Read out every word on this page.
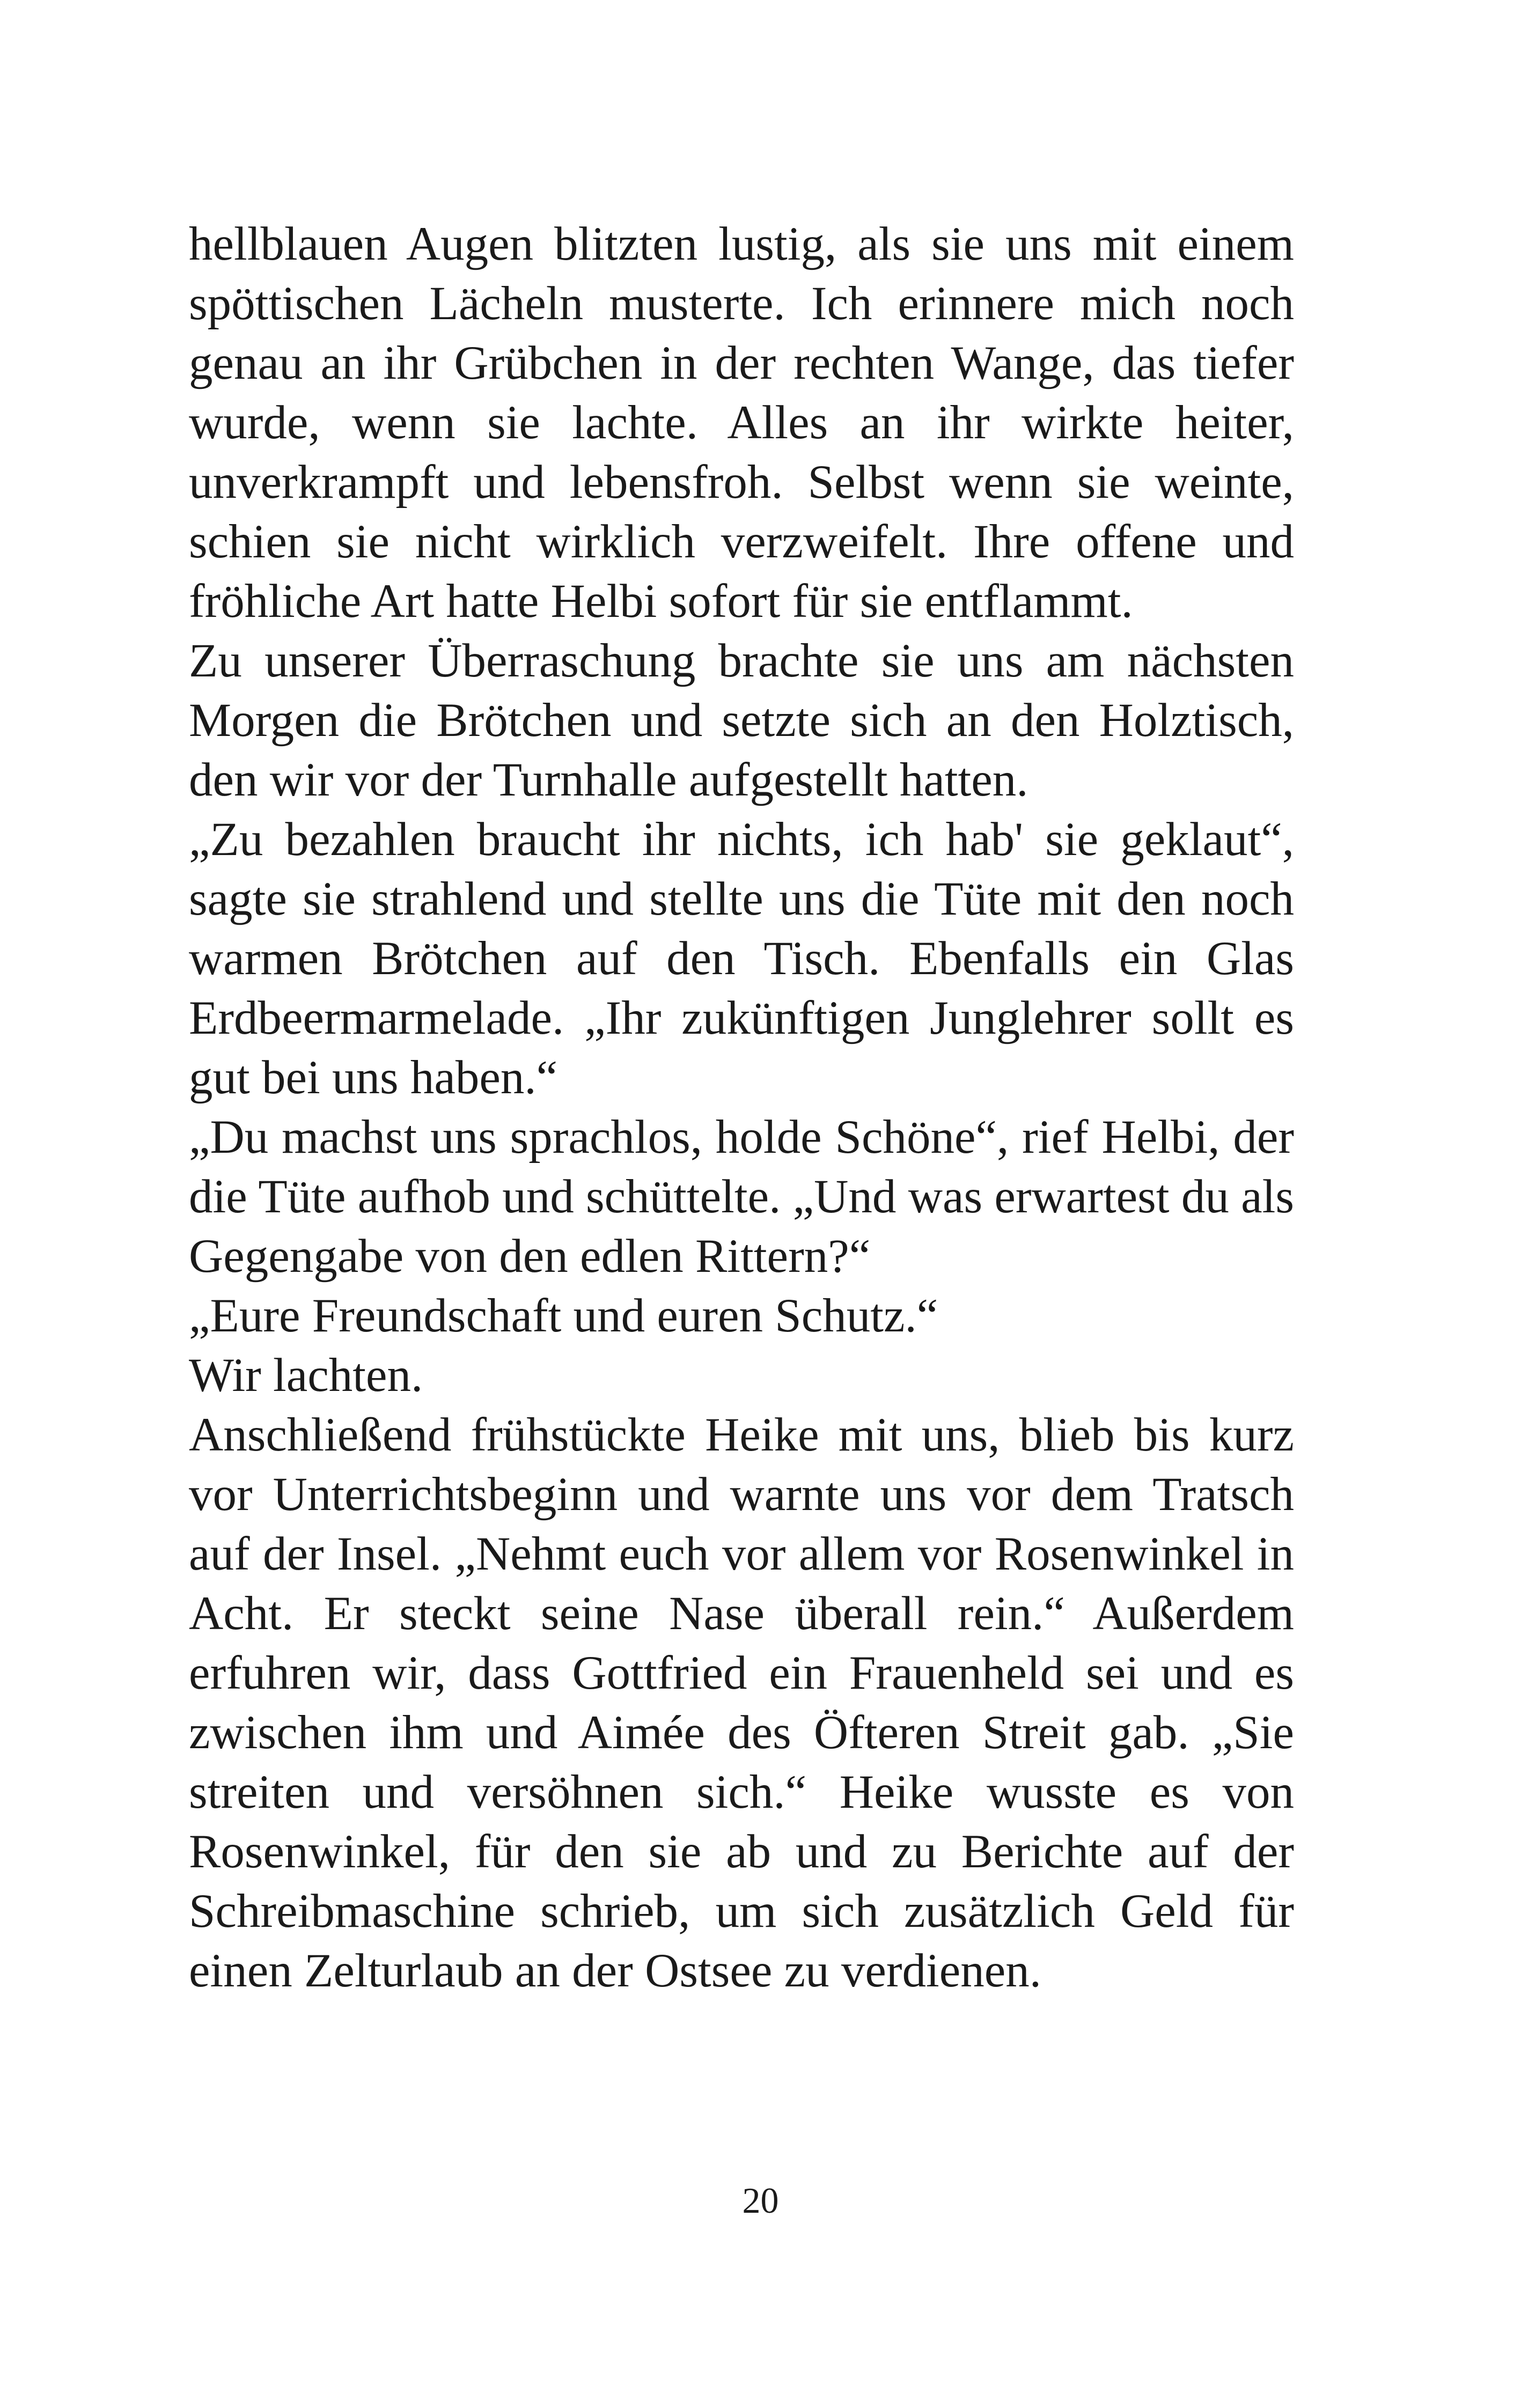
hellblauen Augen blitzten lustig, als sie uns mit einem spöttischen Lächeln musterte. Ich erinnere mich noch genau an ihr Grübchen in der rechten Wange, das tiefer wurde, wenn sie lachte. Alles an ihr wirkte heiter, unverkrampft und lebensfroh. Selbst wenn sie weinte, schien sie nicht wirklich verzweifelt. Ihre offene und fröhliche Art hatte Helbi sofort für sie entflammt.

Zu unserer Überraschung brachte sie uns am nächsten Morgen die Brötchen und setzte sich an den Holztisch, den wir vor der Turnhalle aufgestellt hatten.

„Zu bezahlen braucht ihr nichts, ich hab' sie geklaut“, sagte sie strahlend und stellte uns die Tüte mit den noch warmen Brötchen auf den Tisch. Ebenfalls ein Glas Erdbeermarmelade. „Ihr zukünftigen Junglehrer sollt es gut bei uns haben.“

„Du machst uns sprachlos, holde Schöne“, rief Helbi, der die Tüte aufhob und schüttelte. „Und was erwartest du als Gegengabe von den edlen Rittern?“

„Eure Freundschaft und euren Schutz.“

Wir lachten.

Anschließend frühstückte Heike mit uns, blieb bis kurz vor Unterrichtsbeginn und warnte uns vor dem Tratsch auf der Insel. „Nehmt euch vor allem vor Rosenwinkel in Acht. Er steckt seine Nase überall rein.“ Außerdem erfuhren wir, dass Gottfried ein Frauenheld sei und es zwischen ihm und Aimée des Öfteren Streit gab. „Sie streiten und versöhnen sich.“ Heike wusste es von Rosenwinkel, für den sie ab und zu Berichte auf der Schreibmaschine schrieb, um sich zusätzlich Geld für einen Zelturlaub an der Ostsee zu verdienen.

20
